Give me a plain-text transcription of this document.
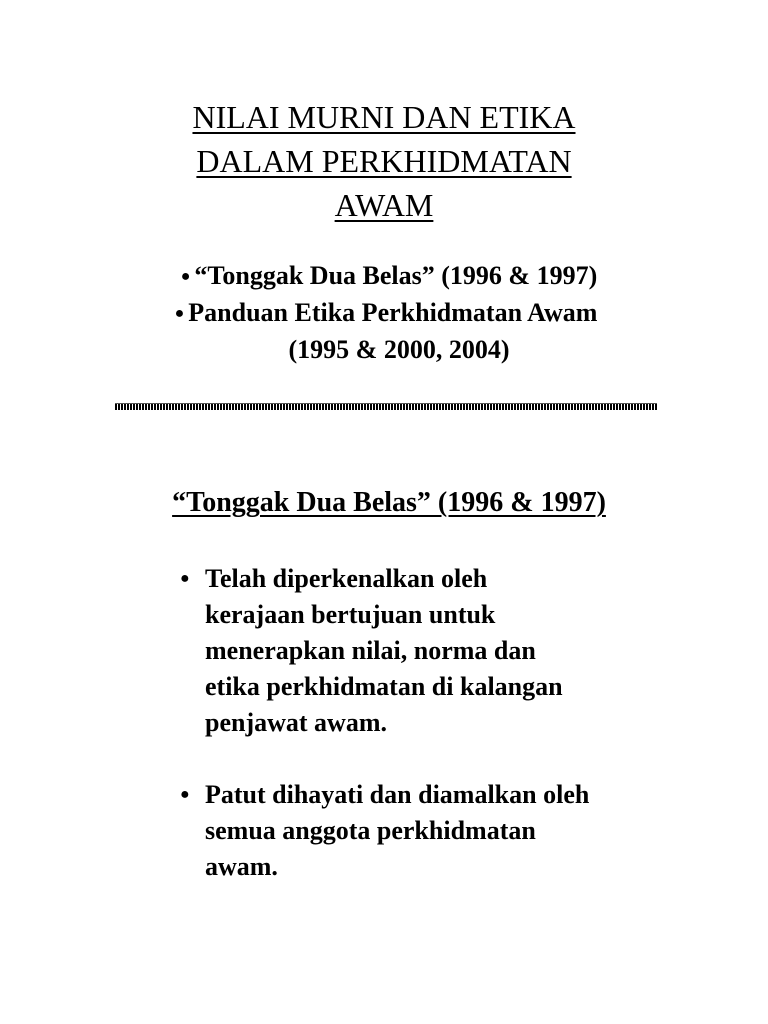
NILAI MURNI DAN ETIKA
DALAM PERKHIDMATAN
AWAM
● “Tonggak Dua Belas” (1996 & 1997)
● Panduan Etika Perkhidmatan Awam
(1995 & 2000, 2004)
“Tonggak Dua Belas” (1996 & 1997)
● Telah diperkenalkan oleh
kerajaan bertujuan untuk
menerapkan nilai, norma dan
etika perkhidmatan di kalangan
penjawat awam.
● Patut dihayati dan diamalkan oleh
semua anggota perkhidmatan
awam.
